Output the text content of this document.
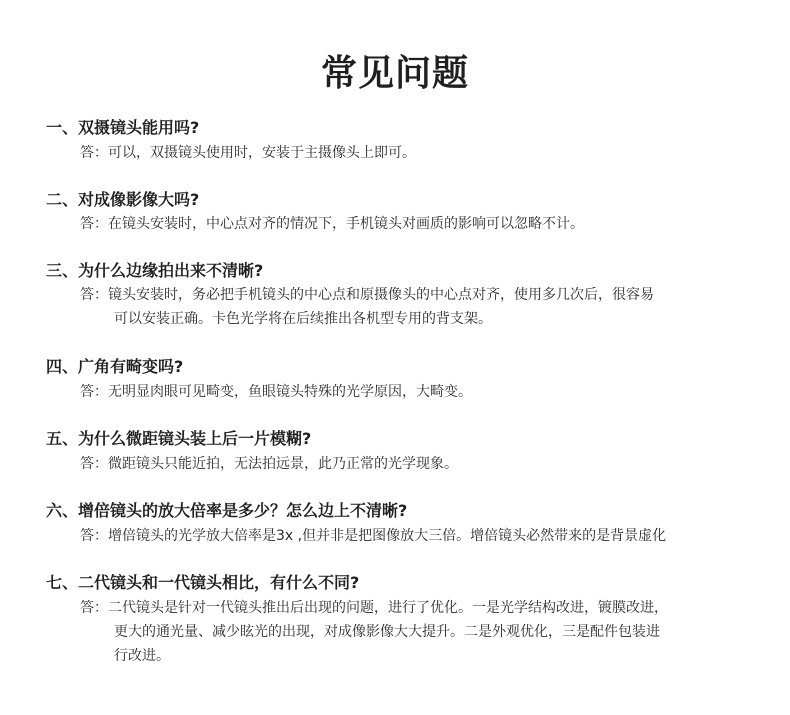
常见问题
一、双摄镜头能用吗?
答：可以，双摄镜头使用时，安装于主摄像头上即可。
二、对成像影像大吗?
答：在镜头安装时，中心点对齐的情况下，手机镜头对画质的影响可以忽略不计。
三、为什么边缘拍出来不清晰?
答：镜头安装时，务必把手机镜头的中心点和原摄像头的中心点对齐，使用多几次后，很容易
可以安装正确。卡色光学将在后续推出各机型专用的背支架。
四、广角有畸变吗?
答：无明显肉眼可见畸变，鱼眼镜头特殊的光学原因，大畸变。
五、为什么微距镜头装上后一片模糊?
答：微距镜头只能近拍，无法拍远景，此乃正常的光学现象。
六、增倍镜头的放大倍率是多少？怎么边上不清晰?
答：增倍镜头的光学放大倍率是3x ,但并非是把图像放大三倍。增倍镜头必然带来的是背景虚化
七、二代镜头和一代镜头相比，有什么不同?
答：二代镜头是针对一代镜头推出后出现的问题，进行了优化。一是光学结构改进，镀膜改进，
更大的通光量、减少眩光的出现，对成像影像大大提升。二是外观优化，三是配件包装进
行改进。
